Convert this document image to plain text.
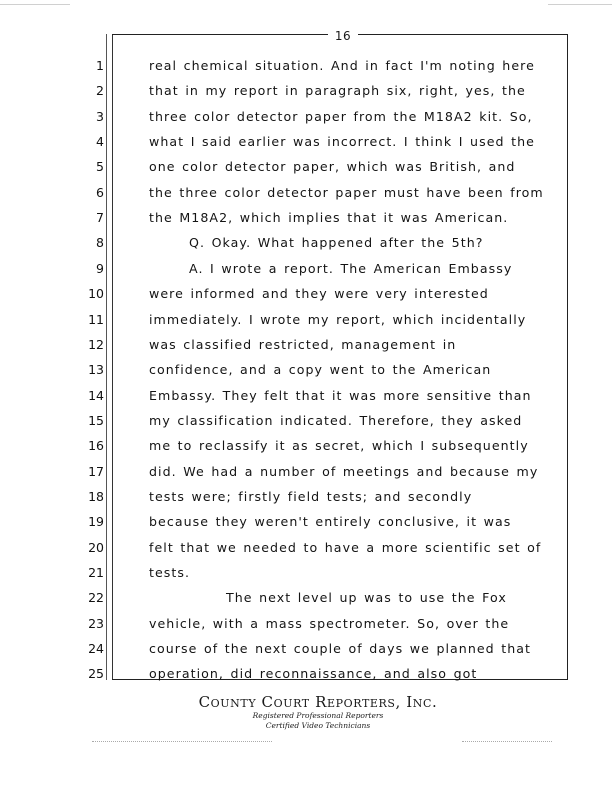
16
1	real chemical situation. And in fact I'm noting here
2	that in my report in paragraph six, right, yes, the
3	three color detector paper from the M18A2 kit. So,
4	what I said earlier was incorrect. I think I used the
5	one color detector paper, which was British, and
6	the three color detector paper must have been from
7	the M18A2, which implies that it was American.
8	Q. Okay. What happened after the 5th?
9	A. I wrote a report. The American Embassy
10	were informed and they were very interested
11	immediately. I wrote my report, which incidentally
12	was classified restricted, management in
13	confidence, and a copy went to the American
14	Embassy. They felt that it was more sensitive than
15	my classification indicated. Therefore, they asked
16	me to reclassify it as secret, which I subsequently
17	did. We had a number of meetings and because my
18	tests were; firstly field tests; and secondly
19	because they weren't entirely conclusive, it was
20	felt that we needed to have a more scientific set of
21	tests.
22	The next level up was to use the Fox
23	vehicle, with a mass spectrometer. So, over the
24	course of the next couple of days we planned that
25	operation, did reconnaissance, and also got
County Court Reporters, Inc.
Registered Professional Reporters
Certified Video Technicians
